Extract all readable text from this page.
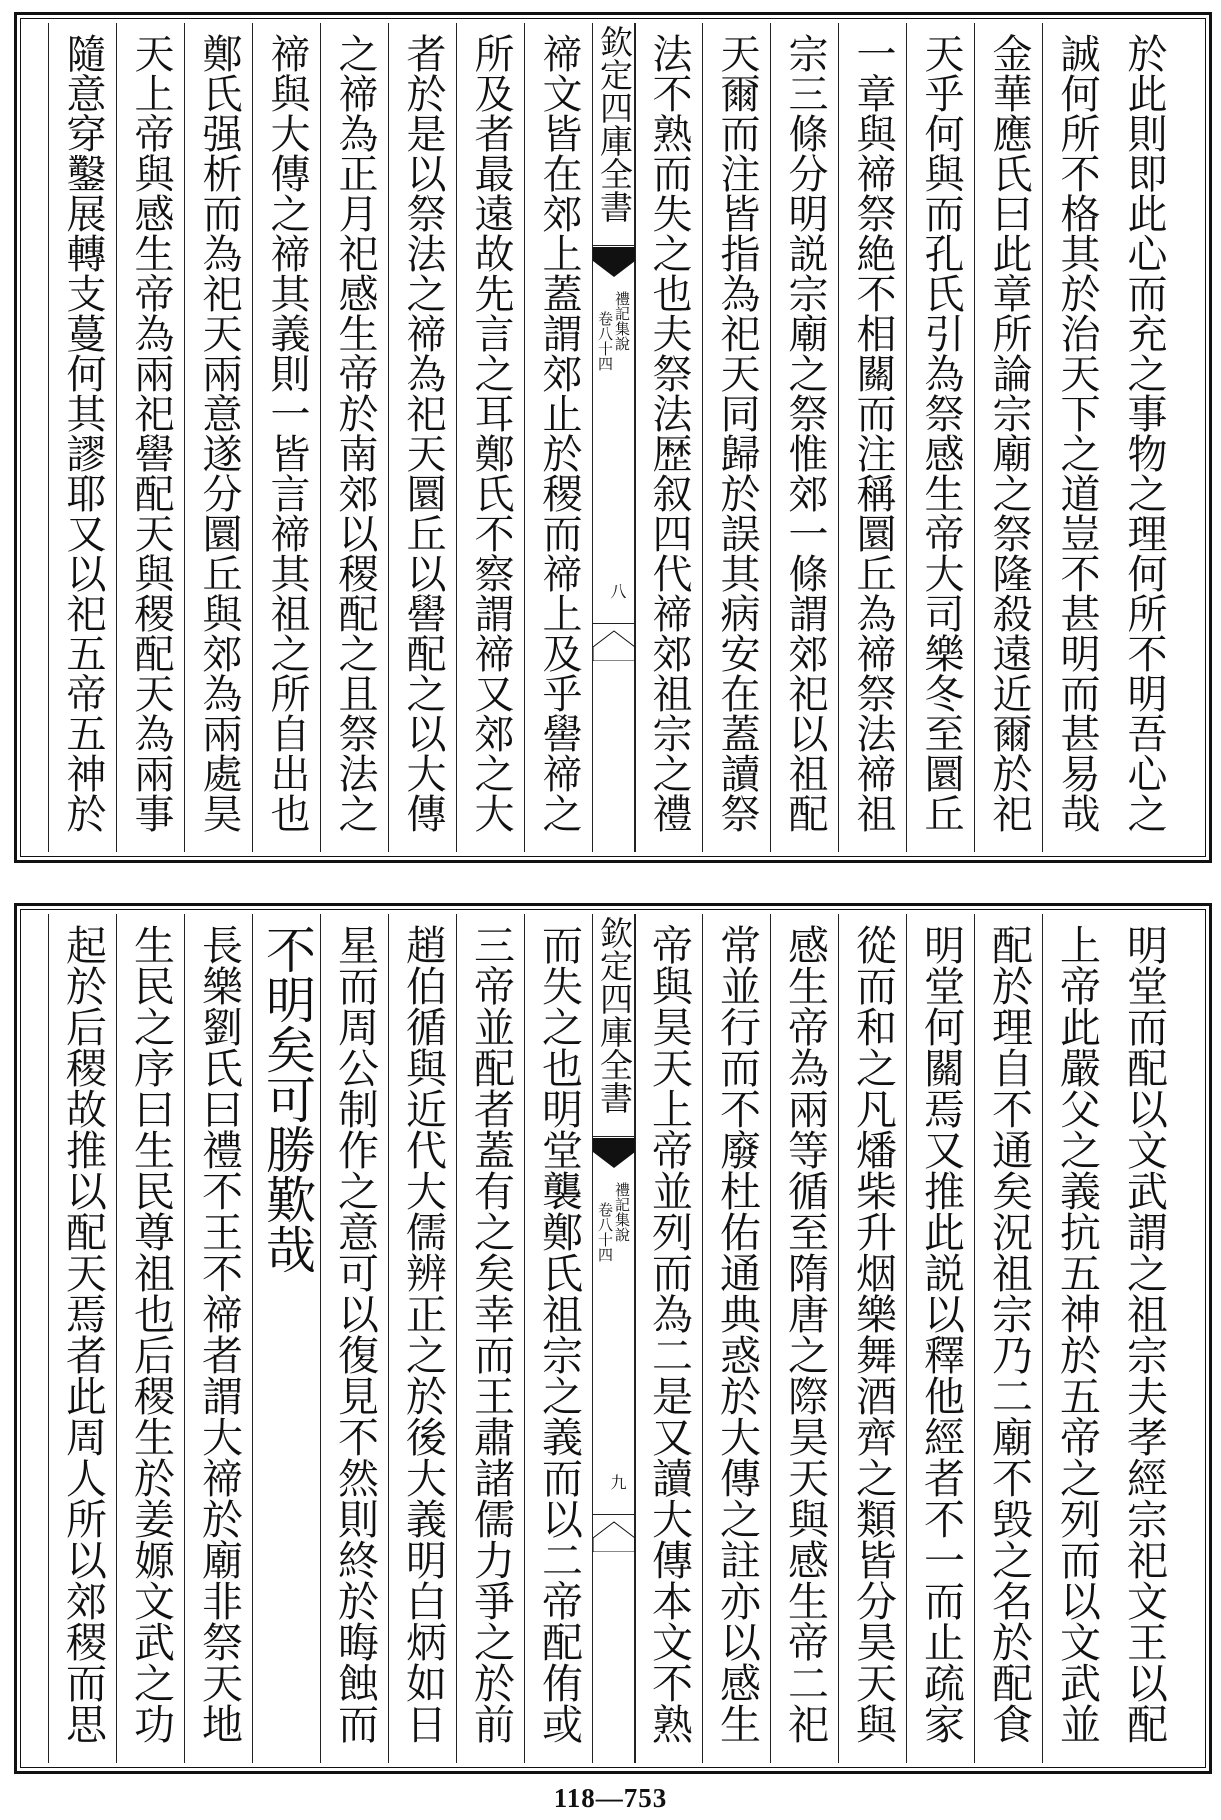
於此則即此心而充之事物之理何所不明吾心之
誠何所不格其於治天下之道豈不甚明而甚易哉
金華應氏曰此章所論宗廟之祭隆殺遠近爾於祀
天乎何與而孔氏引為祭感生帝大司樂冬至圜丘
一章與禘祭絶不相關而注稱圜丘為禘祭法禘祖
宗三條分明説宗廟之祭惟郊一條謂郊祀以祖配
天爾而注皆指為祀天同歸於誤其病安在蓋讀祭
法不熟而失之也夫祭法歴叙四代禘郊祖宗之禮
欽定四庫全書
禮記集說
卷八十四
八
禘文皆在郊上蓋謂郊止於稷而禘上及乎嚳禘之
所及者最遠故先言之耳鄭氏不察謂禘又郊之大
者於是以祭法之禘為祀天圜丘以嚳配之以大傳
之禘為正月祀感生帝於南郊以稷配之且祭法之
禘與大傳之禘其義則一皆言禘其祖之所自出也
鄭氏强析而為祀天兩意遂分圜丘與郊為兩處昊
天上帝與感生帝為兩祀嚳配天與稷配天為兩事
隨意穿鑿展轉支蔓何其謬耶又以祀五帝五神於
明堂而配以文武謂之祖宗夫孝經宗祀文王以配
上帝此嚴父之義抗五神於五帝之列而以文武並
配於理自不通矣況祖宗乃二廟不毁之名於配食
明堂何關焉又推此説以釋他經者不一而止疏家
從而和之凡燔柴升烟樂舞酒齊之類皆分昊天與
感生帝為兩等循至隋唐之際昊天與感生帝二祀
常並行而不廢杜佑通典惑於大傳之註亦以感生
帝與昊天上帝並列而為二是又讀大傳本文不熟
欽定四庫全書
禮記集說
卷八十四
九
而失之也明堂襲鄭氏祖宗之義而以二帝配侑或
三帝並配者蓋有之矣幸而王肅諸儒力爭之於前
趙伯循與近代大儒辨正之於後大義明白炳如日
星而周公制作之意可以復見不然則終於晦蝕而
不明矣可勝歎哉
長樂劉氏曰禮不王不禘者謂大禘於廟非祭天地
生民之序曰生民尊祖也后稷生於姜嫄文武之功
起於后稷故推以配天焉者此周人所以郊稷而思
118—753
